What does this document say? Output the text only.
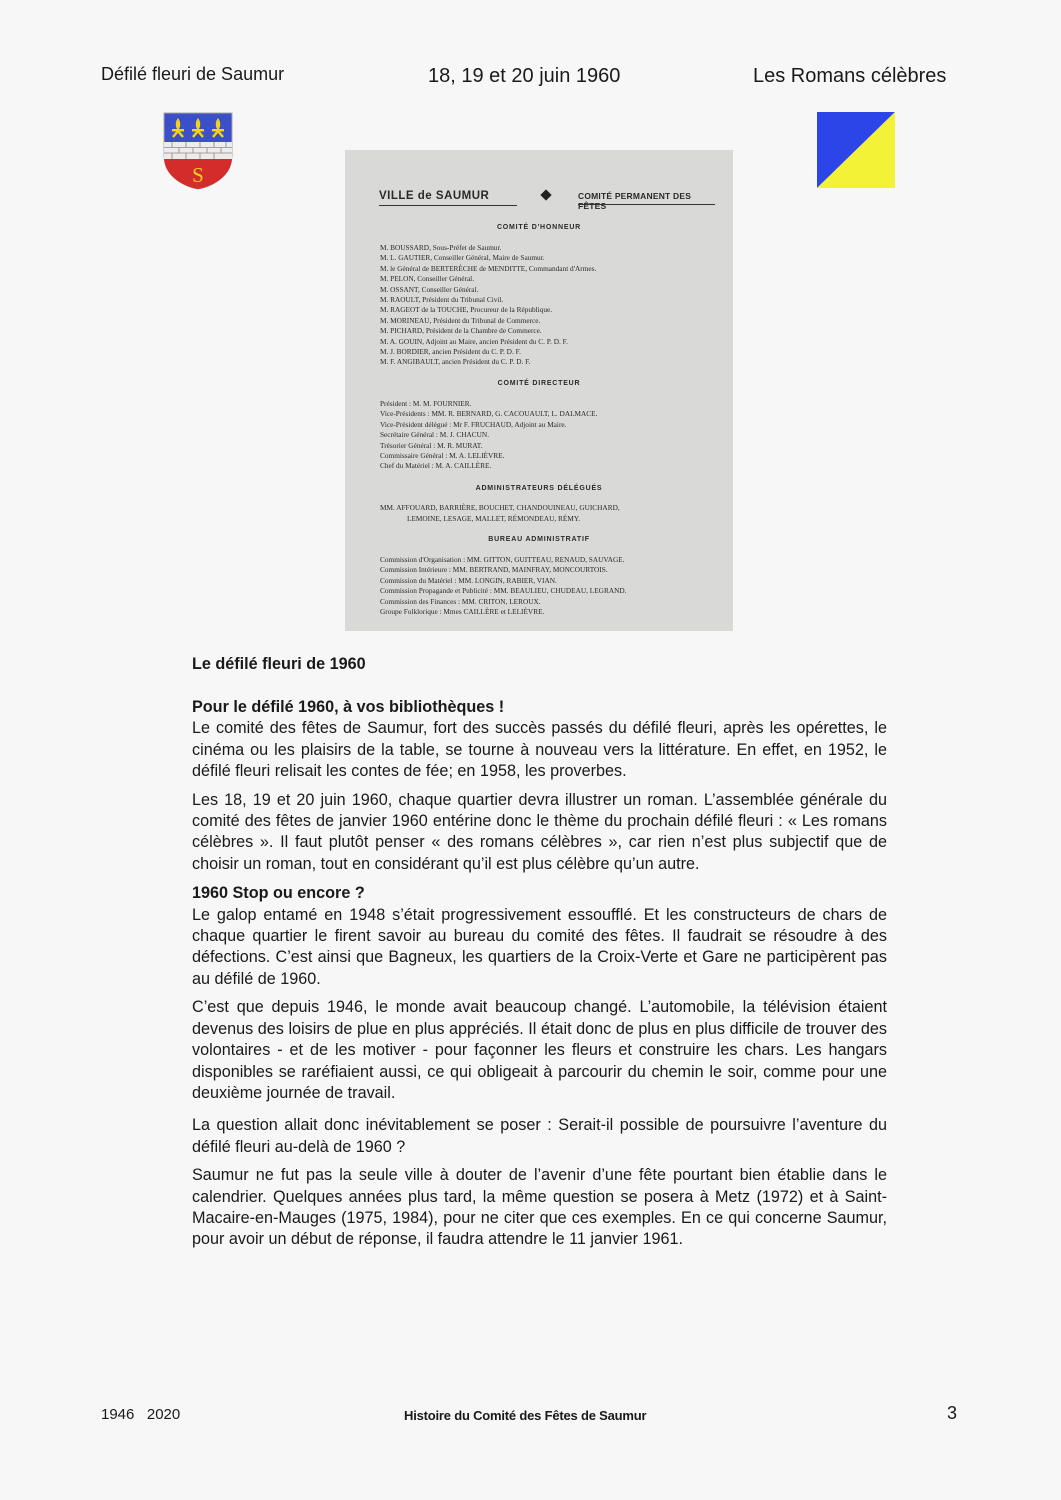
Défilé fleuri de Saumur	18, 19 et 20 juin 1960	Les Romans célèbres
S
VILLE de SAUMUR	COMITÉ PERMANENT DES FÊTES
COMITÉ D'HONNEUR
M. BOUSSARD, Sous-Préfet de Saumur.
M. L. GAUTIER, Conseiller Général, Maire de Saumur.
M. le Général de BERTERÈCHE de MENDITTE, Commandant d'Armes.
M. PELON, Conseiller Général.
M. OSSANT, Conseiller Général.
M. RAOULT, Président du Tribunal Civil.
M. RAGEOT de la TOUCHE, Procureur de la République.
M. MORINEAU, Président du Tribunal de Commerce.
M. PICHARD, Président de la Chambre de Commerce.
M. A. GOUIN, Adjoint au Maire, ancien Président du C. P. D. F.
M. J. BORDIER, ancien Président du C. P. D. F.
M. F. ANGIBAULT, ancien Président du C. P. D. F.
COMITÉ DIRECTEUR
Président : M. M. FOURNIER.
Vice-Présidents : MM. R. BERNARD, G. CACOUAULT, L. DALMACE.
Vice-Président délégué : Mr F. FRUCHAUD, Adjoint au Maire.
Secrétaire Général : M. J. CHACUN.
Trésorier Général : M. R. MURAT.
Commissaire Général : M. A. LELIÈVRE.
Chef du Matériel : M. A. CAILLÈRE.
ADMINISTRATEURS DÉLÉGUÉS
MM. AFFOUARD, BARRIÈRE, BOUCHET, CHANDOUINEAU, GUICHARD,
LEMOINE, LESAGE, MALLET, RÉMONDEAU, RÉMY.
BUREAU ADMINISTRATIF
Commission d'Organisation : MM. GITTON, GUITTEAU, RENAUD, SAUVAGE.
Commission Intérieure : MM. BERTRAND, MAINFRAY, MONCOURTOIS.
Commission du Matériel : MM. LONGIN, RABIER, VIAN.
Commission Propagande et Publicité : MM. BEAULIEU, CHUDEAU, LEGRAND.
Commission des Finances : MM. CRITON, LEROUX.
Groupe Folklorique : Mmes CAILLÈRE et LELIÈVRE.

Le défilé fleuri de 1960

Pour le défilé 1960, à vos bibliothèques !

Le comité des fêtes de Saumur, fort des succès passés du défilé fleuri, après les opérettes, le cinéma ou les plaisirs de la table, se tourne à nouveau vers la littérature. En effet, en 1952, le défilé fleuri relisait les contes de fée; en 1958, les proverbes.

Les 18, 19 et 20 juin 1960, chaque quartier devra illustrer un roman. L’assemblée générale du comité des fêtes de janvier 1960 entérine donc le thème du prochain défilé fleuri : « Les romans célèbres ». Il faut plutôt penser « des romans célèbres », car rien n’est plus subjectif que de choisir un roman, tout en considérant qu’il est plus célèbre qu’un autre.

1960 Stop ou encore ?

Le galop entamé en 1948 s’était progressivement essoufflé. Et les constructeurs de chars de chaque quartier le firent savoir au bureau du comité des fêtes. Il faudrait se résoudre à des défections. C’est ainsi que Bagneux, les quartiers de la Croix-Verte et Gare ne participèrent pas au défilé de 1960.

C’est que depuis 1946, le monde avait beaucoup changé. L’automobile, la télévision étaient devenus des loisirs de plue en plus appréciés. Il était donc de plus en plus difficile de trouver des volontaires - et de les motiver - pour façonner les fleurs et construire les chars. Les hangars disponibles se raréfiaient aussi, ce qui obligeait à parcourir du chemin le soir, comme pour une deuxième journée de travail.

La question allait donc inévitablement se poser : Serait-il possible de poursuivre l’aventure du défilé fleuri au-delà de 1960 ?

Saumur ne fut pas la seule ville à douter de l’avenir d’une fête pourtant bien établie dans le calendrier. Quelques années plus tard, la même question se posera à Metz (1972) et à Saint-Macaire-en-Mauges (1975, 1984), pour ne citer que ces exemples. En ce qui concerne Saumur, pour avoir un début de réponse, il faudra attendre le 11 janvier 1961.

1946   2020	Histoire du Comité des Fêtes de Saumur	3
